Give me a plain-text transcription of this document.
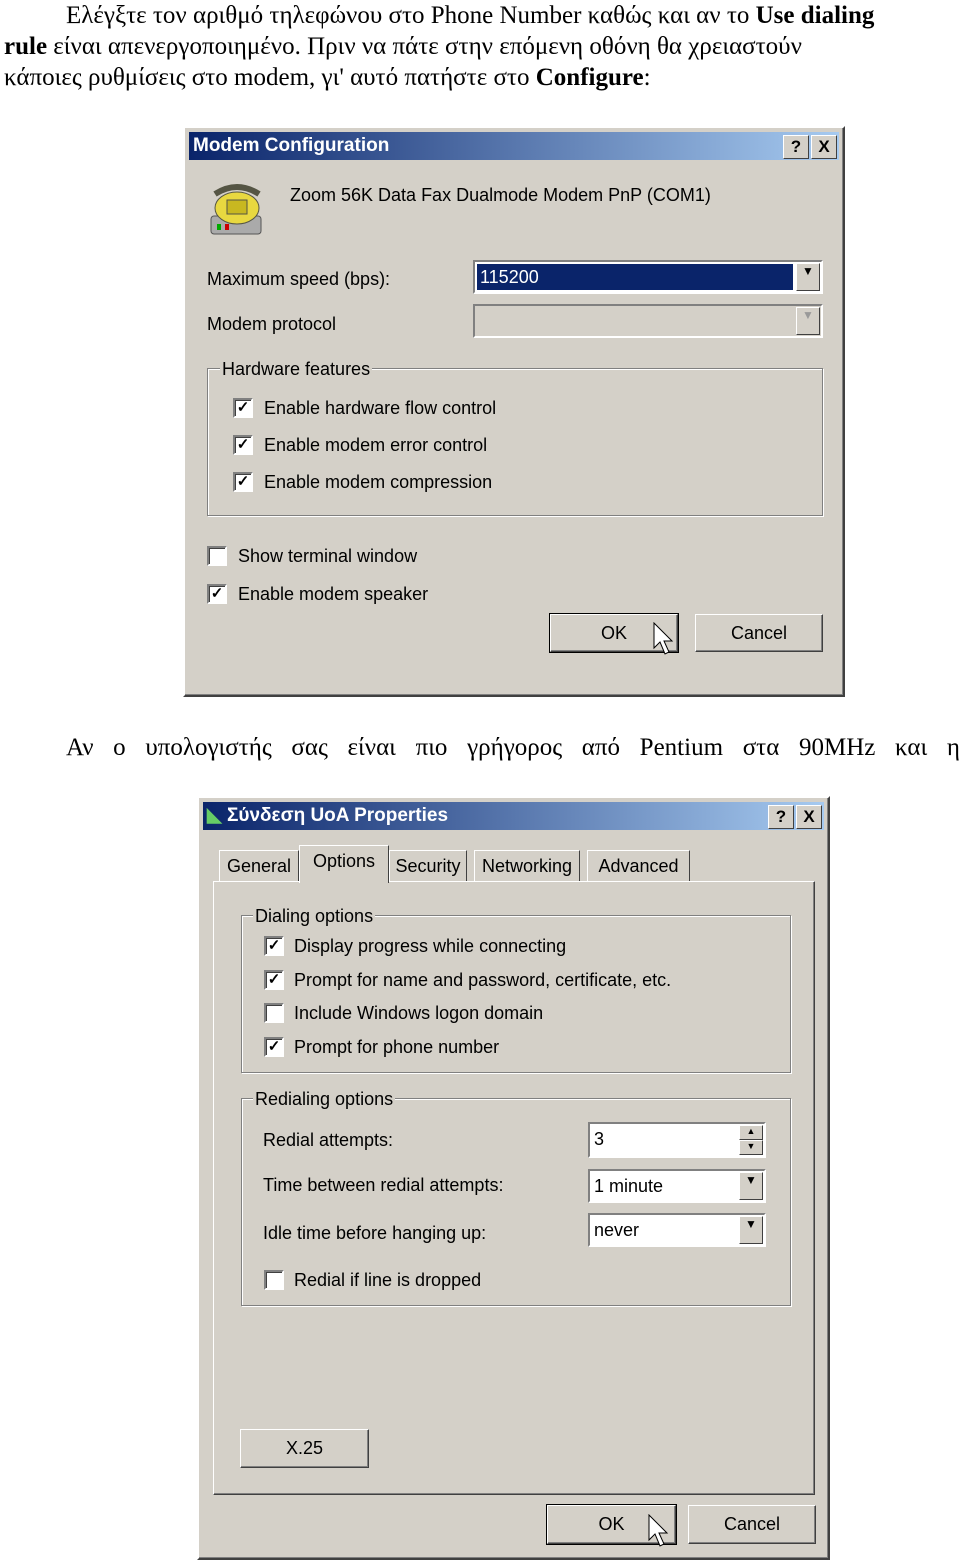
Ελέγξτε τον αριθμό τηλεφώνου στο Phone Number καθώς και αν το Use dialing
rule είναι απενεργοποιημένο. Πριν να πάτε στην επόμενη οθόνη θα χρειαστούν
κάποιες ρυθμίσεις στο modem, γι' αυτό πατήστε στο Configure:
Modem Configuration	?	X
Zoom 56K Data Fax Dualmode Modem PnP (COM1)
Maximum speed (bps):	115200	▼
Modem protocol	▼
Hardware features
✓ Enable hardware flow control
✓ Enable modem error control
✓ Enable modem compression
Show terminal window
✓ Enable modem speaker
OK	Cancel
Αν ο υπολογιστής σας είναι πιο γρήγορος από Pentium στα 90MHz και η
◣ Σύνδεση UoA Properties	?	X
General	Options	Security	Networking	Advanced
Dialing options
✓ Display progress while connecting
✓ Prompt for name and password, certificate, etc.
Include Windows logon domain
✓ Prompt for phone number
Redialing options
Redial attempts:	3	▲
▼
Time between redial attempts:	1 minute	▼
Idle time before hanging up:	never	▼
Redial if line is dropped
X.25
OK	Cancel
